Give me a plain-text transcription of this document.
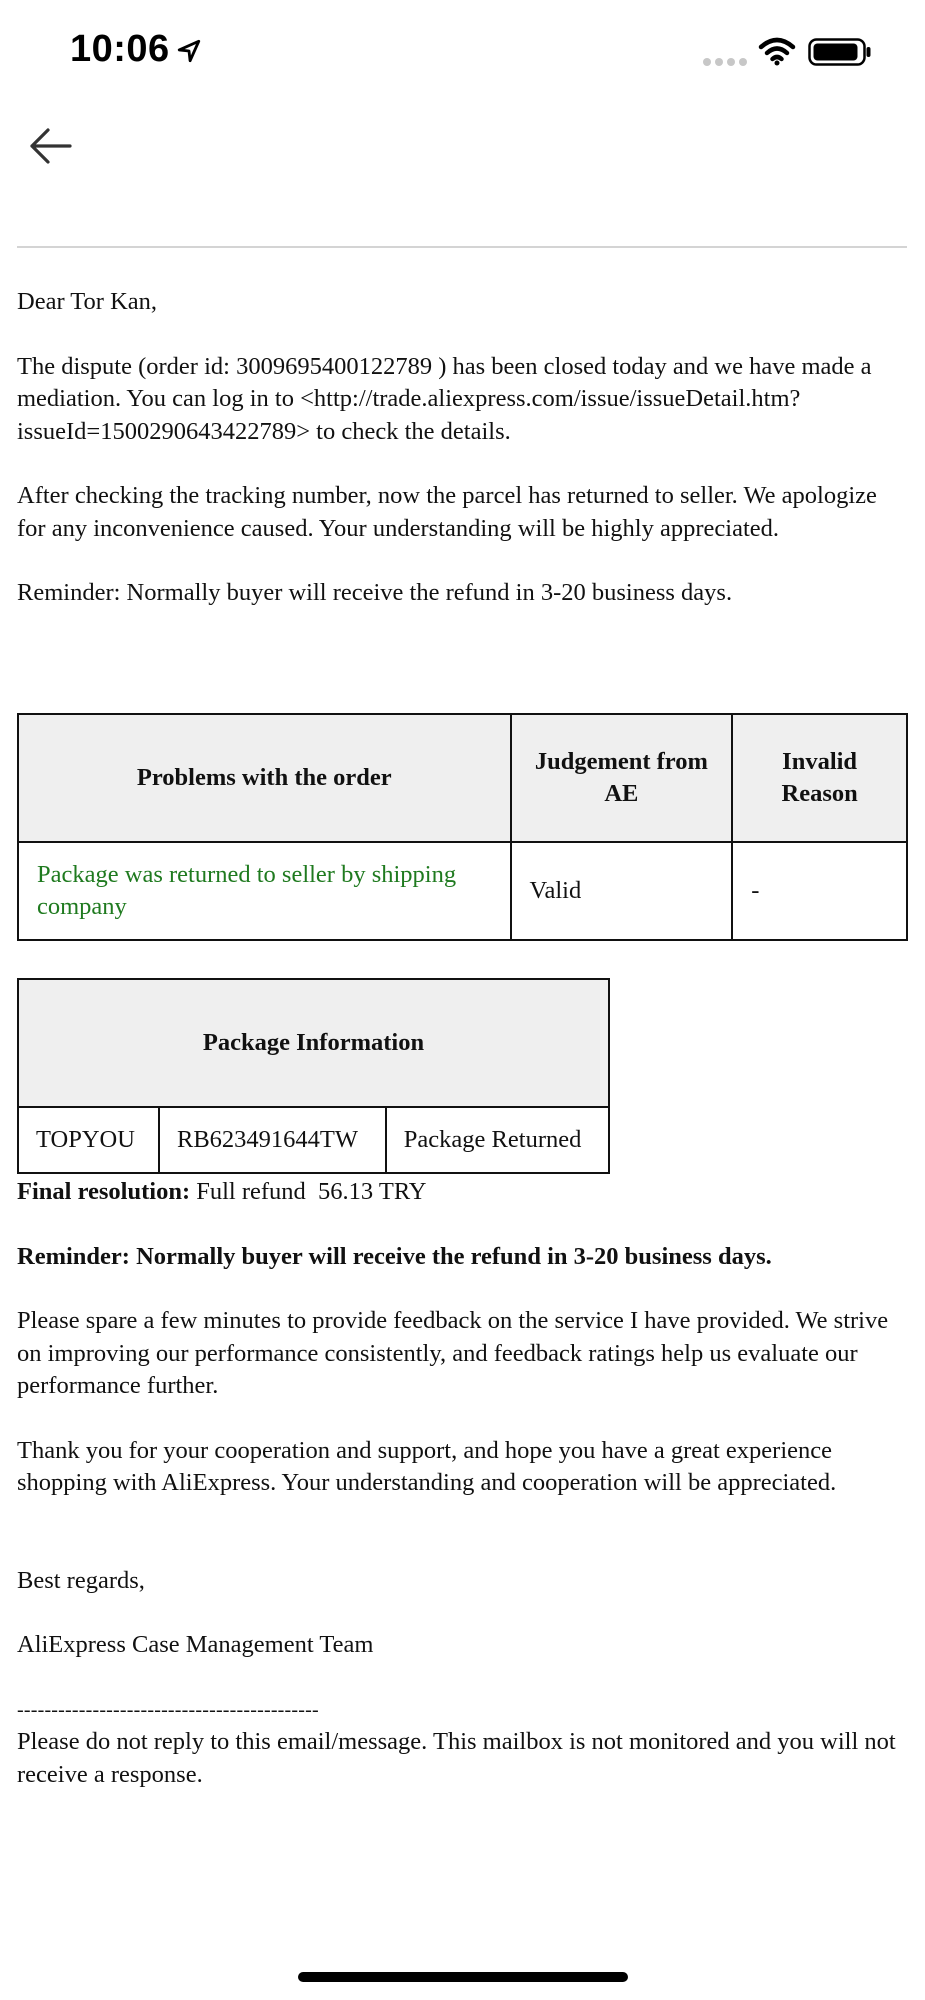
10:06

Dear Tor Kan,

The dispute (order id: 3009695400122789 ) has been closed today and we have made a mediation. You can log in to <http://trade.aliexpress.com/issue/issueDetail.htm?issueId=1500290643422789> to check the details.

After checking the tracking number, now the parcel has returned to seller. We apologize for any inconvenience caused. Your understanding will be highly appreciated.

Reminder: Normally buyer will receive the refund in 3-20 business days.

Problems with the order	Judgement from AE	Invalid Reason
Package was returned to seller by shipping company	Valid	-
Package Information
TOPYOU	RB623491644TW	Package Returned

Final resolution: Full refund  56.13 TRY

Reminder: Normally buyer will receive the refund in 3-20 business days.

Please spare a few minutes to provide feedback on the service I have provided. We strive on improving our performance consistently, and feedback ratings help us evaluate our performance further.

Thank you for your cooperation and support, and hope you have a great experience shopping with AliExpress. Your understanding and cooperation will be appreciated.

Best regards,

AliExpress Case Management Team

--------------------------------------------

Please do not reply to this email/message. This mailbox is not monitored and you will not receive a response.
